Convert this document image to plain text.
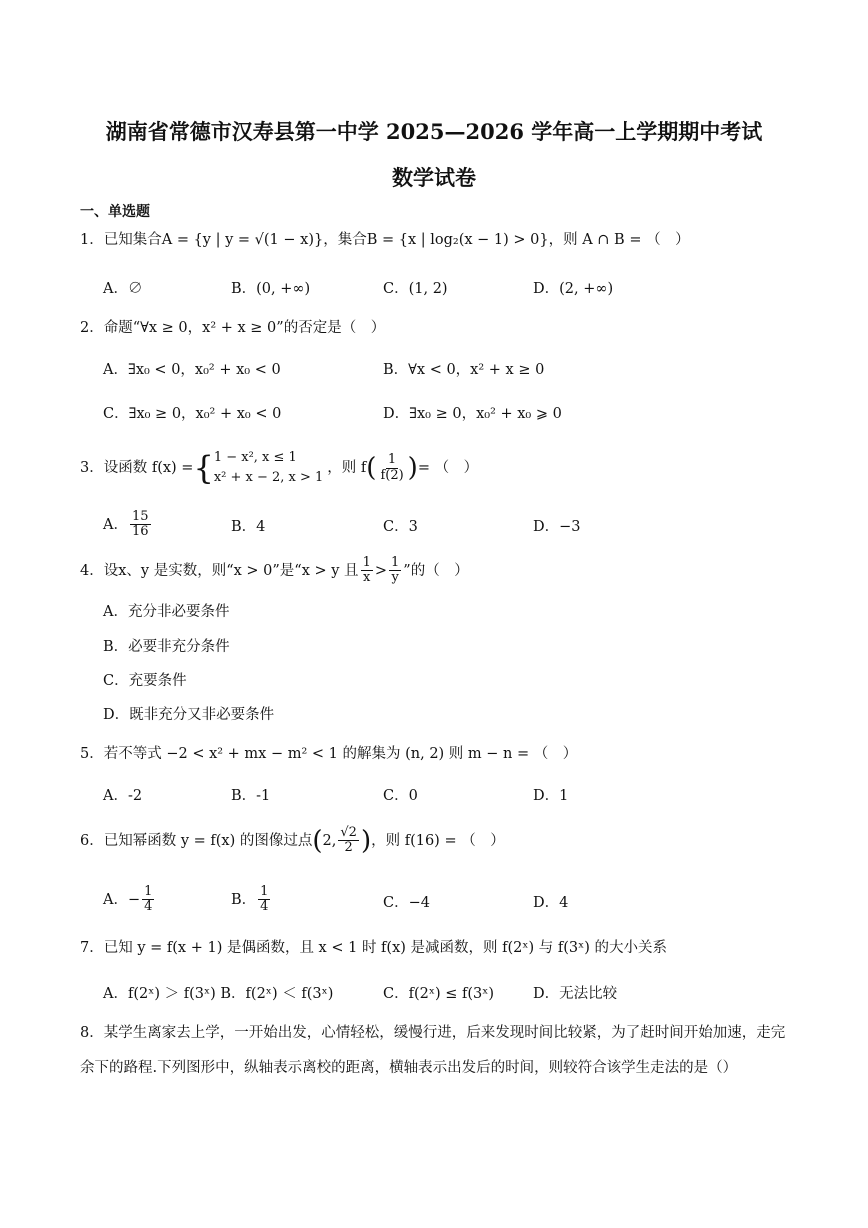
湖南省常德市汉寿县第一中学 2025—2026 学年高一上学期期中考试
数学试卷
一、单选题
1．已知集合A = {y | y = √(1 − x)}，集合B = {x | log₂(x − 1) > 0}，则 A ∩ B = （　）
A．∅	B．(0, +∞)	C．(1, 2)	D．(2, +∞)
2．命题“∀x ≥ 0，x² + x ≥ 0”的否定是（　）
A．∃x₀ < 0，x₀² + x₀ < 0	B．∀x < 0，x² + x ≥ 0
C．∃x₀ ≥ 0，x₀² + x₀ < 0	D．∃x₀ ≥ 0，x₀² + x₀ ⩾ 0
3．设函数 f(x) = { 1 − x², x ≤ 1
x² + x − 2, x > 1
，则 f ( $\frac{1}{f(2)}$ ) = （　）
A． $\frac{15}{16}$	B．4	C．3	D．−3
4．设x、y 是实数，则“x > 0”是“x > y 且 $\frac{1}{x} > \frac{1}{y}$ ”的（　）
A．充分非必要条件
B．必要非充分条件
C．充要条件
D．既非充分又非必要条件
5．若不等式 −2 < x² + mx − m² < 1 的解集为 (n, 2) 则 m − n = （　）
A．-2	B．-1	C．0	D．1
6．已知幂函数 y = f(x) 的图像过点 ( 2, $\frac{√2}{2}$ ) ，则 f(16) = （　）
A．− $\frac{1}{4}$	B． $\frac{1}{4}$	C．−4	D．4
7．已知 y = f(x + 1) 是偶函数，且 x < 1 时 f(x) 是减函数，则 f(2ˣ) 与 f(3ˣ) 的大小关系
A．f(2ˣ) ＞ f(3ˣ) B．f(2ˣ) ＜ f(3ˣ)	C．f(2ˣ) ≤ f(3ˣ)	D．无法比较
8．某学生离家去上学，一开始出发，心情轻松，缓慢行进，后来发现时间比较紧，为了赶时间开始加速，走完余下的路程.下列图形中，纵轴表示离校的距离，横轴表示出发后的时间，则较符合该学生走法的是（）
